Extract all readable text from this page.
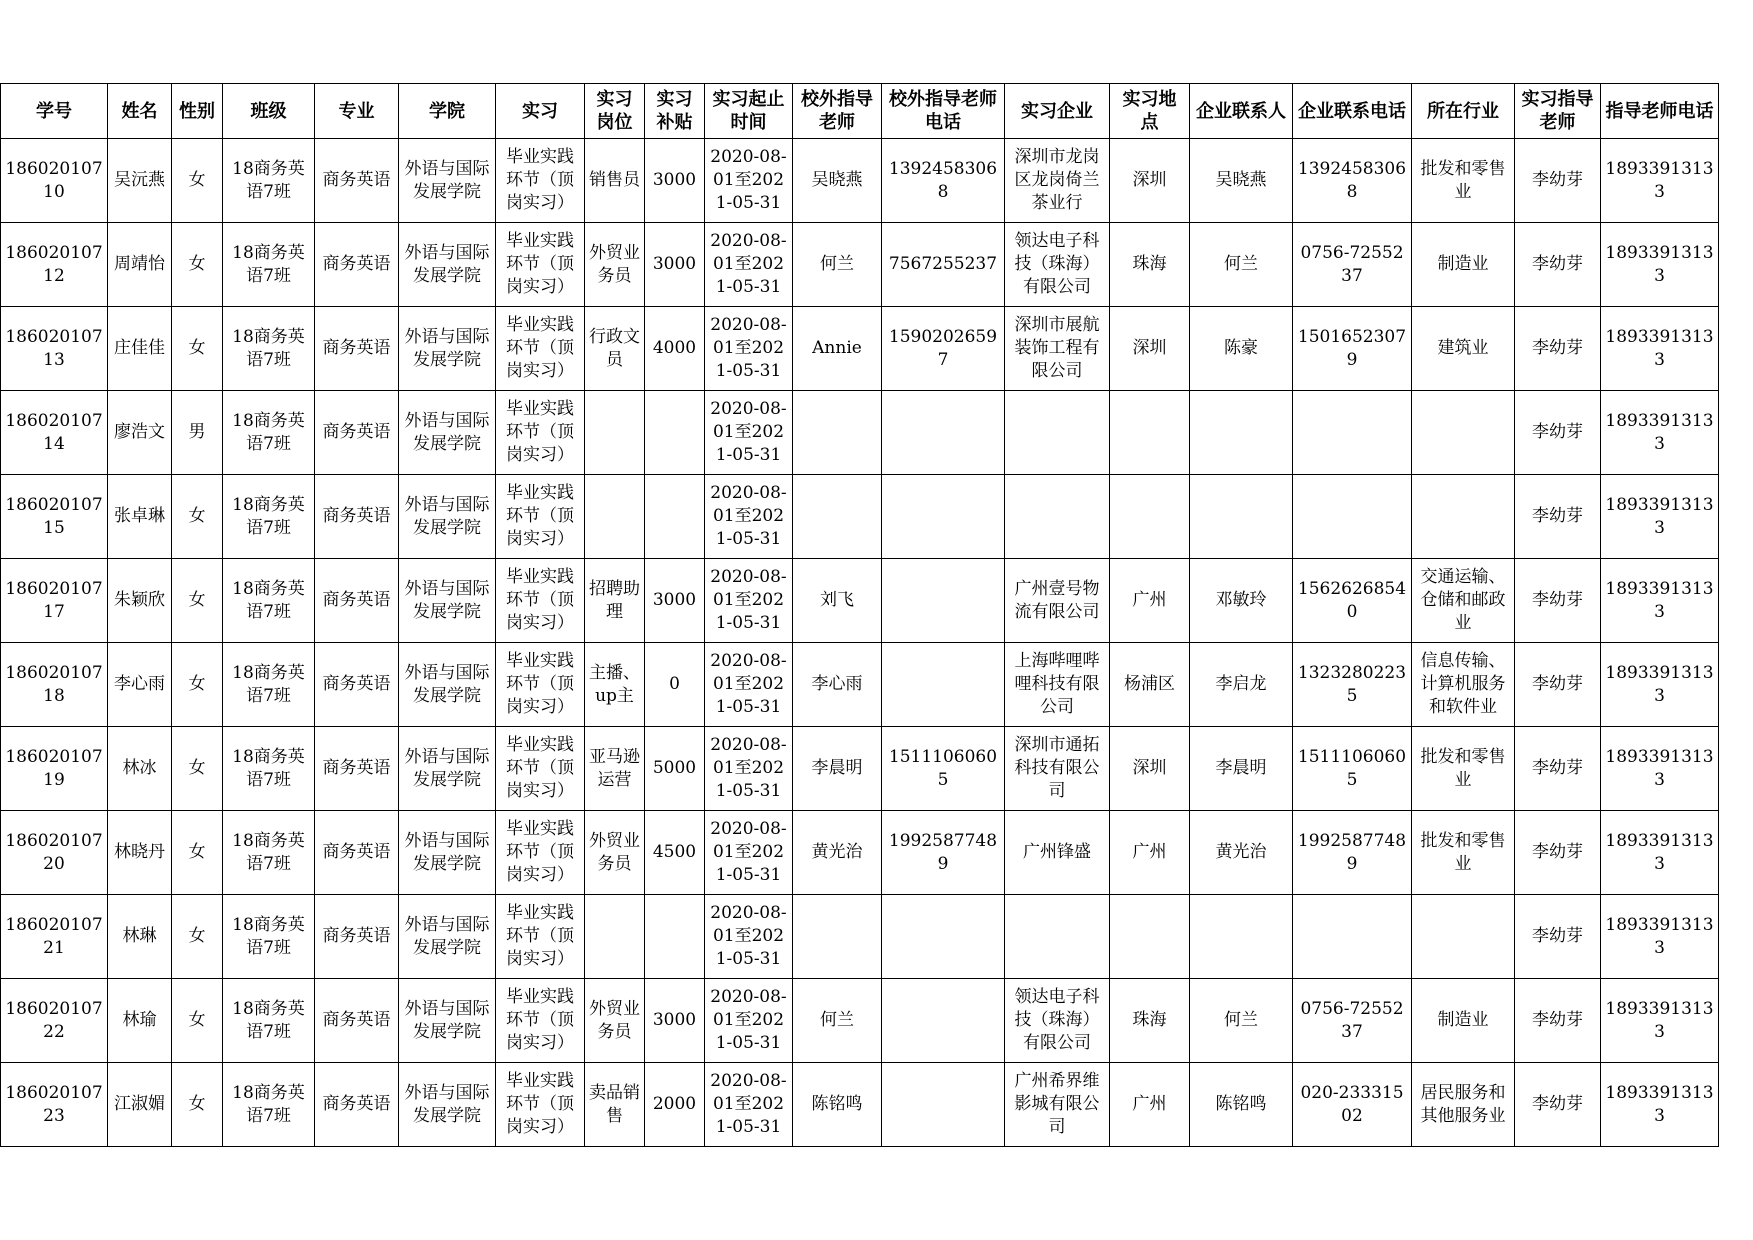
学号	姓名	性别	班级	专业	学院	实习	实习岗位	实习补贴	实习起止时间	校外指导老师	校外指导老师电话	实习企业	实习地点	企业联系人	企业联系电话	所在行业	实习指导老师	指导老师电话

18602010710	吴沅燕	女	18商务英语7班	商务英语	外语与国际发展学院	毕业实践环节（顶岗实习）	销售员	3000	2020-08-01至2021-05-31	吴晓燕	13924583068	深圳市龙岗区龙岗倚兰茶业行	深圳	吴晓燕	13924583068	批发和零售业	李幼芽	18933913133

18602010712	周靖怡	女	18商务英语7班	商务英语	外语与国际发展学院	毕业实践环节（顶岗实习）	外贸业务员	3000	2020-08-01至2021-05-31	何兰	7567255237	领达电子科技（珠海）有限公司	珠海	何兰	0756-7255237	制造业	李幼芽	18933913133

18602010713	庄佳佳	女	18商务英语7班	商务英语	外语与国际发展学院	毕业实践环节（顶岗实习）	行政文员	4000	2020-08-01至2021-05-31	Annie	15902026597	深圳市展航装饰工程有限公司	深圳	陈豪	15016523079	建筑业	李幼芽	18933913133

18602010714	廖浩文	男	18商务英语7班	商务英语	外语与国际发展学院	毕业实践环节（顶岗实习）			2020-08-01至2021-05-31								李幼芽	18933913133

18602010715	张卓琳	女	18商务英语7班	商务英语	外语与国际发展学院	毕业实践环节（顶岗实习）			2020-08-01至2021-05-31								李幼芽	18933913133

18602010717	朱颖欣	女	18商务英语7班	商务英语	外语与国际发展学院	毕业实践环节（顶岗实习）	招聘助理	3000	2020-08-01至2021-05-31	刘飞		广州壹号物流有限公司	广州	邓敏玲	15626268540	交通运输、仓储和邮政业	李幼芽	18933913133

18602010718	李心雨	女	18商务英语7班	商务英语	外语与国际发展学院	毕业实践环节（顶岗实习）	主播、up主	0	2020-08-01至2021-05-31	李心雨		上海哔哩哔哩科技有限公司	杨浦区	李启龙	13232802235	信息传输、计算机服务和软件业	李幼芽	18933913133

18602010719	林冰	女	18商务英语7班	商务英语	外语与国际发展学院	毕业实践环节（顶岗实习）	亚马逊运营	5000	2020-08-01至2021-05-31	李晨明	15111060605	深圳市通拓科技有限公司	深圳	李晨明	15111060605	批发和零售业	李幼芽	18933913133

18602010720	林晓丹	女	18商务英语7班	商务英语	外语与国际发展学院	毕业实践环节（顶岗实习）	外贸业务员	4500	2020-08-01至2021-05-31	黄光治	19925877489	广州锋盛	广州	黄光治	19925877489	批发和零售业	李幼芽	18933913133

18602010721	林琳	女	18商务英语7班	商务英语	外语与国际发展学院	毕业实践环节（顶岗实习）			2020-08-01至2021-05-31								李幼芽	18933913133

18602010722	林瑜	女	18商务英语7班	商务英语	外语与国际发展学院	毕业实践环节（顶岗实习）	外贸业务员	3000	2020-08-01至2021-05-31	何兰		领达电子科技（珠海）有限公司	珠海	何兰	0756-7255237	制造业	李幼芽	18933913133

18602010723	江淑媚	女	18商务英语7班	商务英语	外语与国际发展学院	毕业实践环节（顶岗实习）	卖品销售	2000	2020-08-01至2021-05-31	陈铭鸣		广州希界维影城有限公司	广州	陈铭鸣	020-23331502	居民服务和其他服务业	李幼芽	18933913133
